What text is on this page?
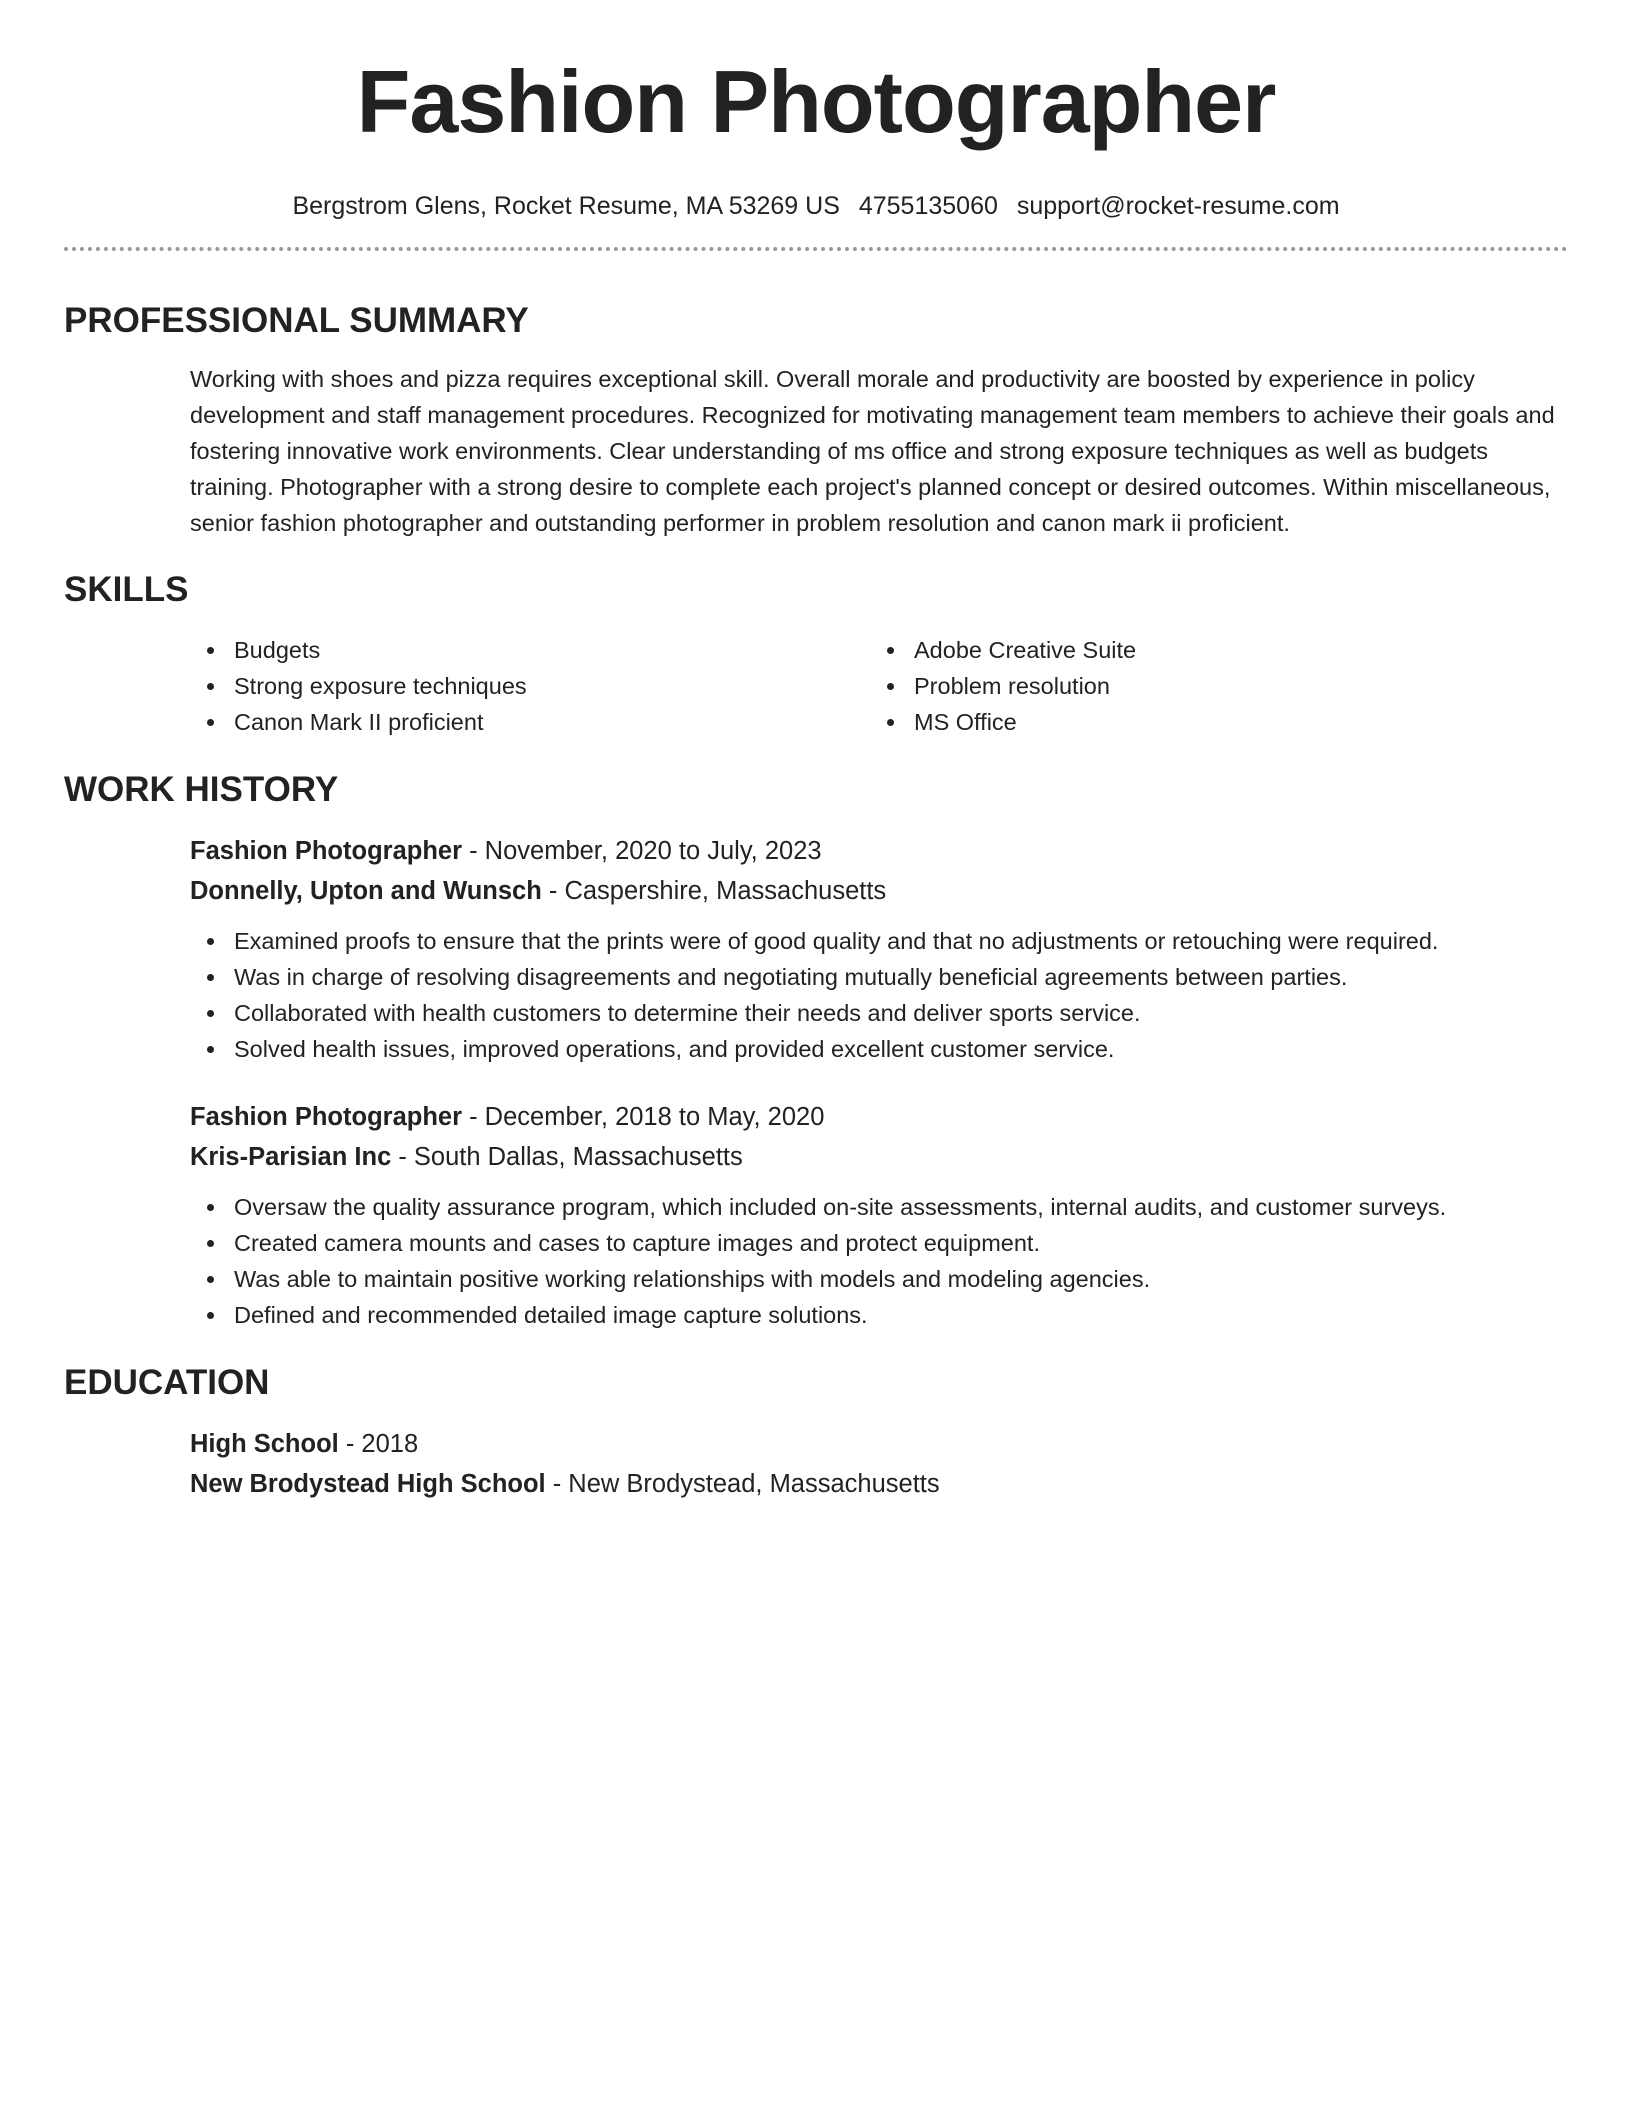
Fashion Photographer
Bergstrom Glens, Rocket Resume, MA 53269 US 4755135060 support@rocket-resume.com
PROFESSIONAL SUMMARY
Working with shoes and pizza requires exceptional skill. Overall morale and productivity are boosted by experience in policy development and staff management procedures. Recognized for motivating management team members to achieve their goals and fostering innovative work environments. Clear understanding of ms office and strong exposure techniques as well as budgets training. Photographer with a strong desire to complete each project's planned concept or desired outcomes. Within miscellaneous, senior fashion photographer and outstanding performer in problem resolution and canon mark ii proficient.
SKILLS
Budgets
Strong exposure techniques
Canon Mark II proficient
Adobe Creative Suite
Problem resolution
MS Office
WORK HISTORY
Fashion Photographer - November, 2020 to July, 2023
Donnelly, Upton and Wunsch - Caspershire, Massachusetts
Examined proofs to ensure that the prints were of good quality and that no adjustments or retouching were required.
Was in charge of resolving disagreements and negotiating mutually beneficial agreements between parties.
Collaborated with health customers to determine their needs and deliver sports service.
Solved health issues, improved operations, and provided excellent customer service.
Fashion Photographer - December, 2018 to May, 2020
Kris-Parisian Inc - South Dallas, Massachusetts
Oversaw the quality assurance program, which included on-site assessments, internal audits, and customer surveys.
Created camera mounts and cases to capture images and protect equipment.
Was able to maintain positive working relationships with models and modeling agencies.
Defined and recommended detailed image capture solutions.
EDUCATION
High School - 2018
New Brodystead High School - New Brodystead, Massachusetts
